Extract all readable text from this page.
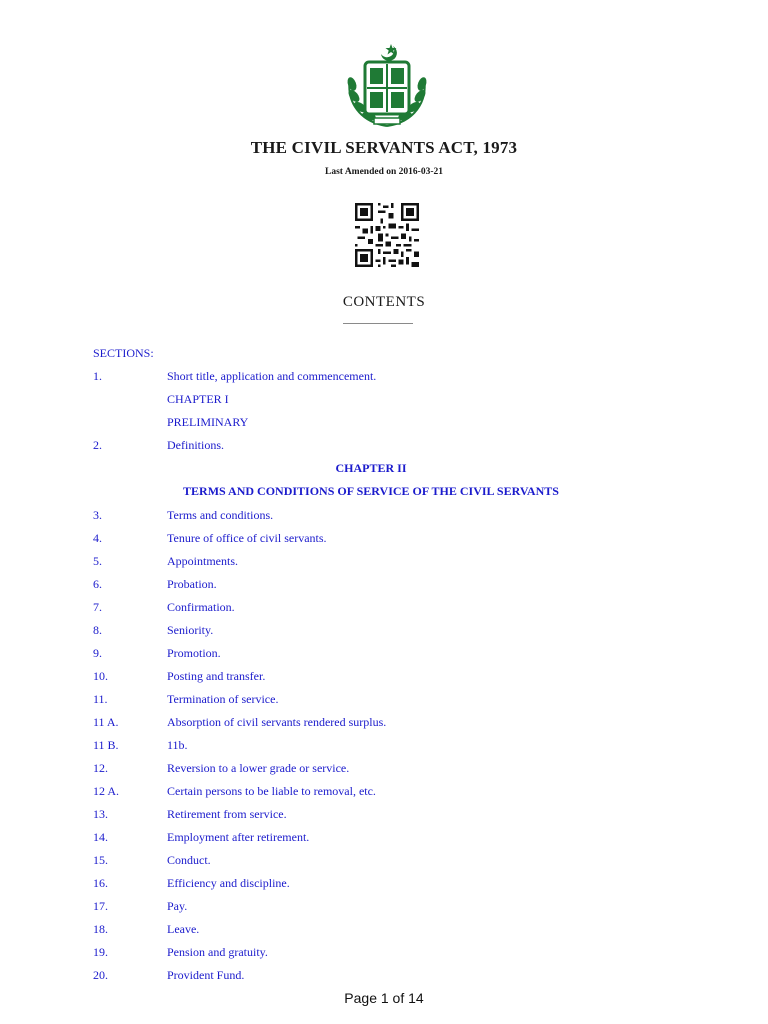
THE CIVIL SERVANTS ACT, 1973
Last Amended on 2016-03-21
CONTENTS
SECTIONS:
1.	Short title, application and commencement.
CHAPTER I
PRELIMINARY
2.	Definitions.
CHAPTER II
TERMS AND CONDITIONS OF SERVICE OF THE CIVIL SERVANTS
3.	Terms and conditions.
4.	Tenure of office of civil servants.
5.	Appointments.
6.	Probation.
7.	Confirmation.
8.	Seniority.
9.	Promotion.
10.	Posting and transfer.
11.	Termination of service.
11 A.	Absorption of civil servants rendered surplus.
11 B.	11b.
12.	Reversion to a lower grade or service.
12 A.	Certain persons to be liable to removal, etc.
13.	Retirement from service.
14.	Employment after retirement.
15.	Conduct.
16.	Efficiency and discipline.
17.	Pay.
18.	Leave.
19.	Pension and gratuity.
20.	Provident Fund.
Page 1 of 14
